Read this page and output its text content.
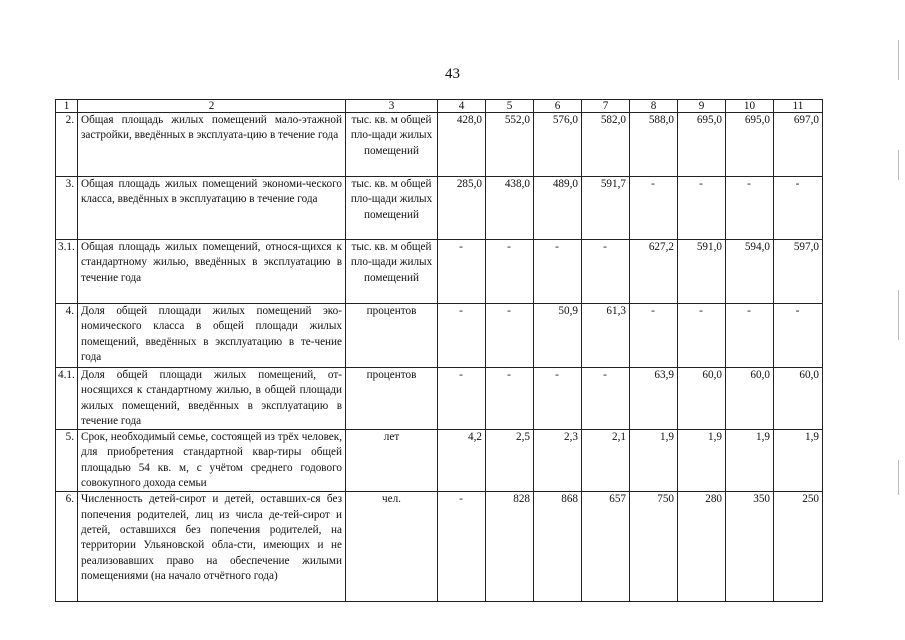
43
1	2	3	4	5	6	7	8	9	10	11
2.	Общая площадь жилых помещений мало-этажной застройки, введённых в эксплуата-цию в течение года	тыс. кв. м общей пло-щади жилых помещений	428,0	552,0	576,0	582,0	588,0	695,0	695,0	697,0
3.	Общая площадь жилых помещений экономи-ческого класса, введённых в эксплуатацию в течение года	тыс. кв. м общей пло-щади жилых помещений	285,0	438,0	489,0	591,7	-	-	-	-
3.1.	Общая площадь жилых помещений, относя-щихся к стандартному жилью, введённых в эксплуатацию в течение года	тыс. кв. м общей пло-щади жилых помещений	-	-	-	-	627,2	591,0	594,0	597,0
4.	Доля общей площади жилых помещений эко-номического класса в общей площади жилых помещений, введённых в эксплуатацию в те-чение года	процентов	-	-	50,9	61,3	-	-	-	-
4.1.	Доля общей площади жилых помещений, от-носящихся к стандартному жилью, в общей площади жилых помещений, введённых в эксплуатацию в течение года	процентов	-	-	-	-	63,9	60,0	60,0	60,0
5.	Срок, необходимый семье, состоящей из трёх человек, для приобретения стандартной квар-тиры общей площадью 54 кв. м, с учётом среднего годового совокупного дохода семьи	лет	4,2	2,5	2,3	2,1	1,9	1,9	1,9	1,9
6.	Численность детей-сирот и детей, оставших-ся без попечения родителей, лиц из числа де-тей-сирот и детей, оставшихся без попечения родителей, на территории Ульяновской обла-сти, имеющих и не реализовавших право на обеспечение жилыми помещениями (на начало отчётного года)	чел.	-	828	868	657	750	280	350	250
